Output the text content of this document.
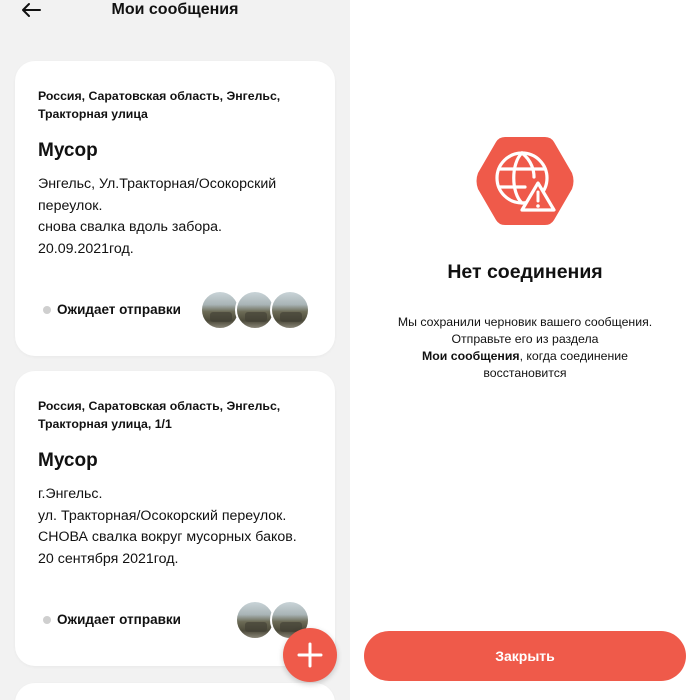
Мои сообщения
Россия, Саратовская область, Энгельс, Тракторная улица
Мусор
Энгельс, Ул.Тракторная/Осокорский
переулок.
снова свалка вдоль забора.
20.09.2021год.
Ожидает отправки
Россия, Саратовская область, Энгельс, Тракторная улица, 1/1
Мусор
г.Энгельс.
ул. Тракторная/Осокорский переулок.
СНОВА свалка вокруг мусорных баков.
20 сентября 2021год.
Ожидает отправки
Нет соединения
Мы сохранили черновик вашего сообщения.
Отправьте его из раздела
Мои сообщения, когда соединение
восстановится
Закрыть
